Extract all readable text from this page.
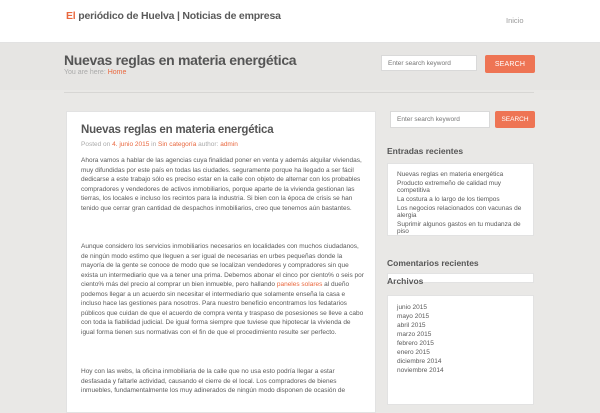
El periódico de Huelva | Noticias de empresa	Inicio
Nuevas reglas en materia energética
You are here: Home
Enter search keyword
SEARCH
Nuevas reglas en materia energética
Posted on 4. junio 2015 in Sin categoría author: admin
Ahora vamos a hablar de las agencias cuya finalidad poner en venta y además alquilar viviendas, muy difundidas por este país en todas las ciudades. seguramente porque ha llegado a ser fácil dedicarse a este trabajo sólo es preciso estar en la calle con objeto de alternar con los probables compradores y vendedores de activos inmobiliarios, porque aparte de la vivienda gestionan las tierras, los locales e incluso los recintos para la industria. Si bien con la época de crisis se han tenido que cerrar gran cantidad de despachos inmobiliarios, creo que tenemos aún bastantes.
Aunque considero los servicios inmobiliarios necesarios en localidades con muchos ciudadanos, de ningún modo estimo que lleguen a ser igual de necesarias en urbes pequeñas donde la mayoría de la gente se conoce de modo que se localizan vendedores y compradores sin que exista un intermediario que va a tener una prima. Debemos abonar el cinco por ciento% o seis por ciento% más del precio al comprar un bien inmueble, pero hallando paneles solares al dueño podemos llegar a un acuerdo sin necesitar el intermediario que solamente enseña la casa e incluso hace las gestiones para nosotros. Para nuestro beneficio encontramos los fedatarios públicos que cuidan de que el acuerdo de compra venta y traspaso de posesiones se lleve a cabo con toda la fiabilidad judicial. De igual forma siempre que tuviese que hipotecar la vivienda de igual forma tienen sus normativas con el fin de que el procedimiento resulte ser perfecto.
Hoy con las webs, la oficina inmobiliaria de la calle que no usa esto podría llegar a estar desfasada y faltarle actividad, causando el cierre de el local. Los compradores de bienes inmuebles, fundamentalmente los muy adinerados de ningún modo disponen de ocasión de
Enter search keyword
SEARCH
Entradas recientes
Nuevas reglas en materia energética
Producto extremeño de calidad muy competitiva
La costura a lo largo de los tiempos
Los negocios relacionados con vacunas de alergia
Suprimir algunos gastos en tu mudanza de piso
Comentarios recientes
Archivos
junio 2015
mayo 2015
abril 2015
marzo 2015
febrero 2015
enero 2015
diciembre 2014
noviembre 2014
